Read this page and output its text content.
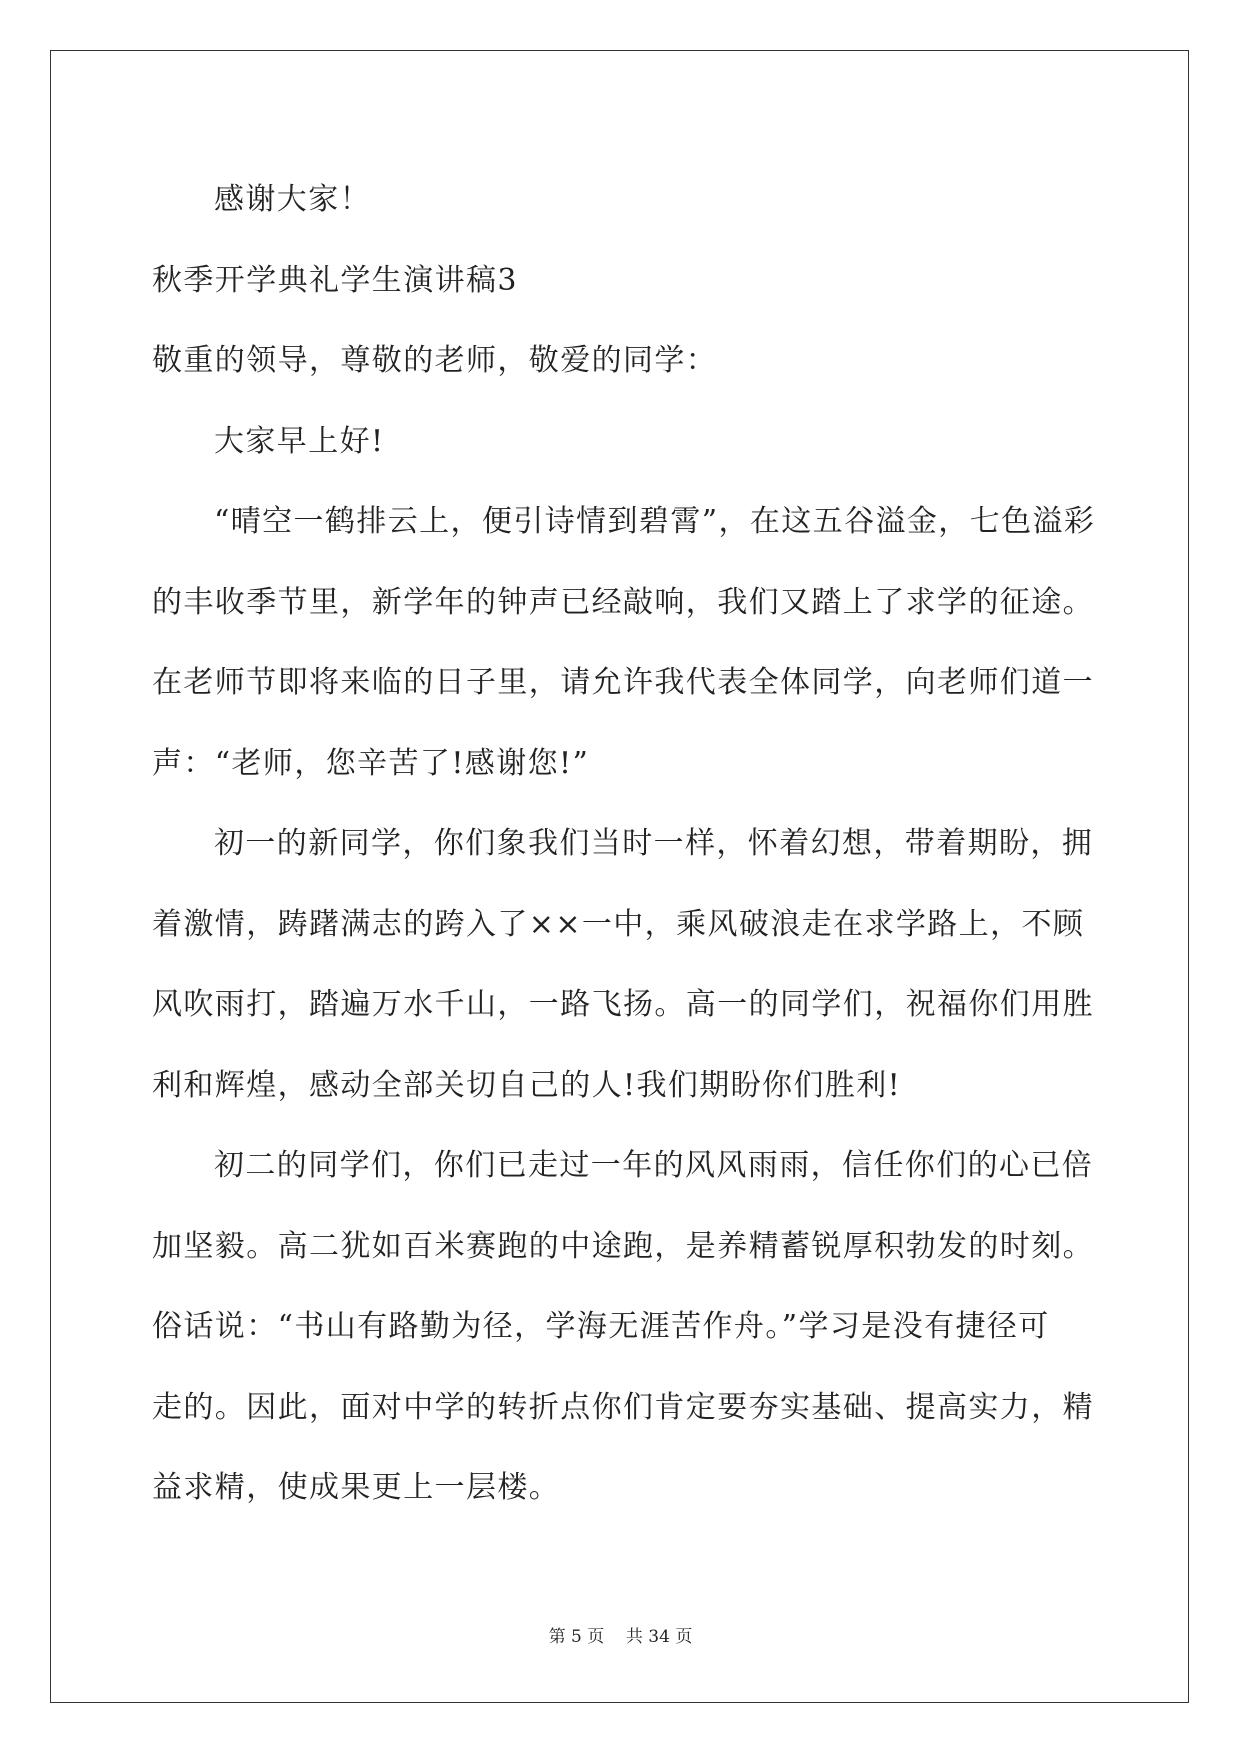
感谢大家！
秋季开学典礼学生演讲稿3
敬重的领导，尊敬的老师，敬爱的同学：
大家早上好!
“晴空一鹤排云上，便引诗情到碧霄”，在这五谷溢金，七色溢彩
的丰收季节里，新学年的钟声已经敲响，我们又踏上了求学的征途。
在老师节即将来临的日子里，请允许我代表全体同学，向老师们道一
声：“老师，您辛苦了!感谢您!”
初一的新同学，你们象我们当时一样，怀着幻想，带着期盼，拥
着激情，踌躇满志的跨入了××一中，乘风破浪走在求学路上，不顾
风吹雨打，踏遍万水千山，一路飞扬。高一的同学们，祝福你们用胜
利和辉煌，感动全部关切自己的人!我们期盼你们胜利!
初二的同学们，你们已走过一年的风风雨雨，信任你们的心已倍
加坚毅。高二犹如百米赛跑的中途跑，是养精蓄锐厚积勃发的时刻。
俗话说：“书山有路勤为径，学海无涯苦作舟。”学习是没有捷径可
走的。因此，面对中学的转折点你们肯定要夯实基础、提高实力，精
益求精，使成果更上一层楼。
第 5 页    共 34 页
